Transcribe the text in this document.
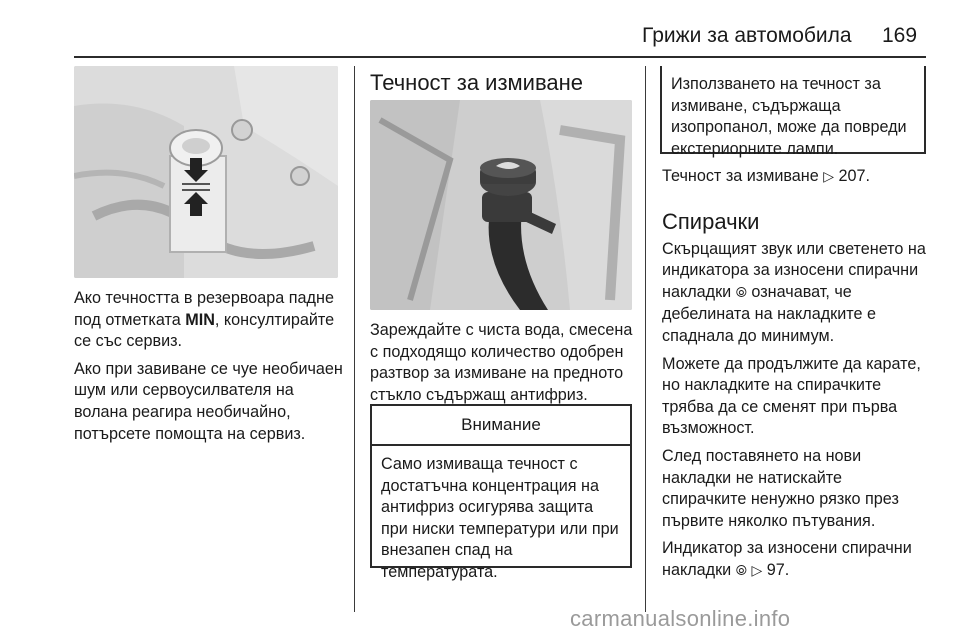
Грижи за автомобила 169

Ако течността в резервоара падне под отметката MIN, консултирайте се със сервиз.

Ако при завиване се чуе необичаен шум или сервоусилвателя на волана реагира необичайно, потърсете помощта на сервиз.

Течност за измиване

Зареждайте с чиста вода, смесена с подходящо количество одобрен разтвор за измиване на предното стъкло съдържащ антифриз.

Внимание

Само измиваща течност с достатъчна концентрация на антифриз осигурява защита при ниски температури или при внезапен спад на температурата.

Използването на течност за измиване, съдържаща изопропанол, може да повреди екстериорните лампи.

Течност за измиване ▷ 207.

Спирачки

Скърцащият звук или светенето на индикатора за износени спирачни накладки ⦾ означават, че дебелината на накладките е спаднала до минимум.

Можете да продължите да карате, но накладките на спирачките трябва да се сменят при първа възможност.

След поставянето на нови накладки не натискайте спирачките ненужно рязко през първите няколко пътувания.

Индикатор за износени спирачни накладки ⦾ ▷ 97.

carmanualsonline.info
